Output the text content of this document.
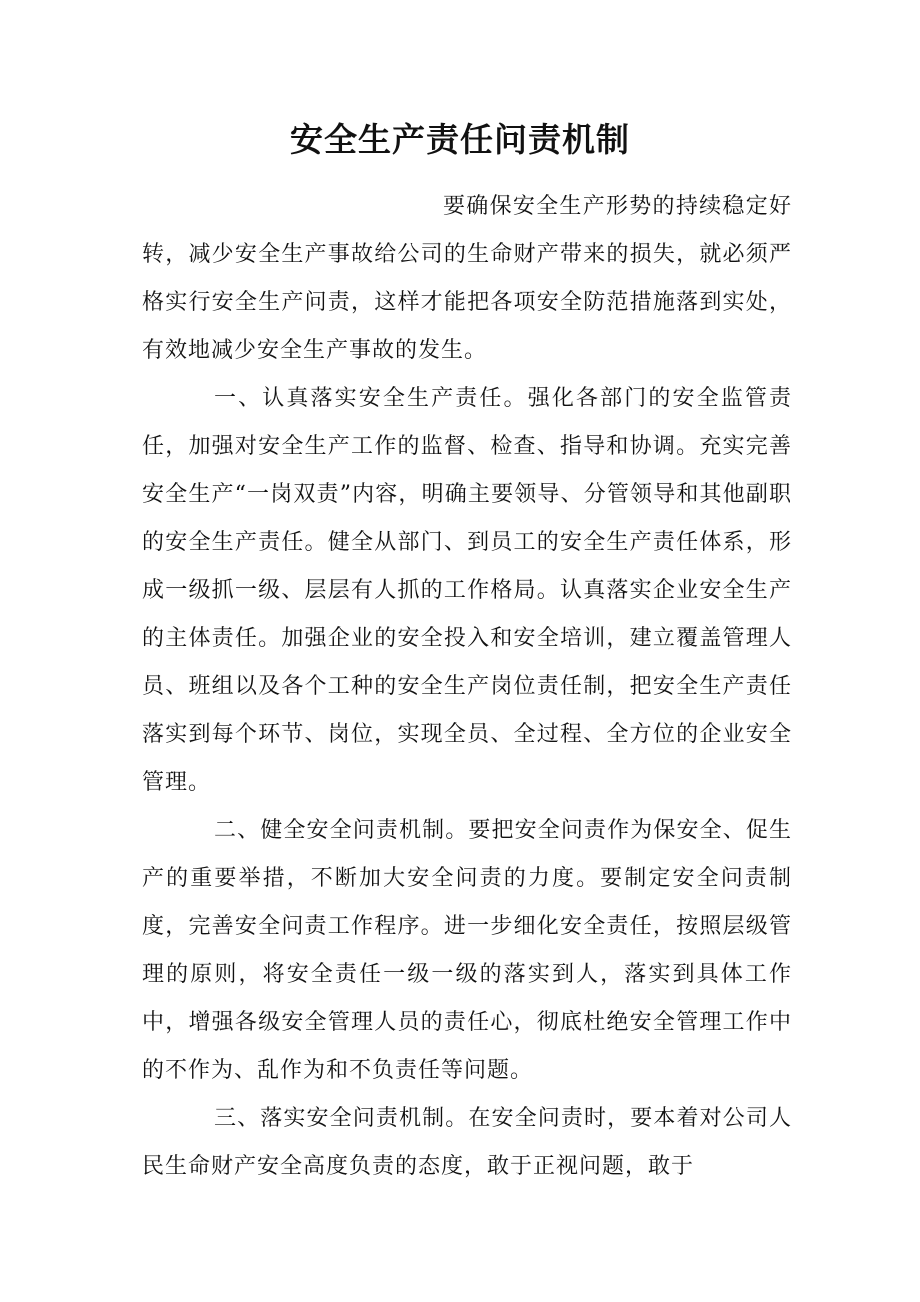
安全生产责任问责机制

要确保安全生产形势的持续稳定好转，减少安全生产事故给公司的生命财产带来的损失，就必须严格实行安全生产问责，这样才能把各项安全防范措施落到实处，有效地减少安全生产事故的发生。

一、认真落实安全生产责任。强化各部门的安全监管责任，加强对安全生产工作的监督、检查、指导和协调。充实完善安全生产“一岗双责”内容，明确主要领导、分管领导和其他副职的安全生产责任。健全从部门、到员工的安全生产责任体系，形成一级抓一级、层层有人抓的工作格局。认真落实企业安全生产的主体责任。加强企业的安全投入和安全培训，建立覆盖管理人员、班组以及各个工种的安全生产岗位责任制，把安全生产责任落实到每个环节、岗位，实现全员、全过程、全方位的企业安全管理。

二、健全安全问责机制。要把安全问责作为保安全、促生产的重要举措，不断加大安全问责的力度。要制定安全问责制度，完善安全问责工作程序。进一步细化安全责任，按照层级管理的原则，将安全责任一级一级的落实到人，落实到具体工作中，增强各级安全管理人员的责任心，彻底杜绝安全管理工作中的不作为、乱作为和不负责任等问题。

三、落实安全问责机制。在安全问责时，要本着对公司人民生命财产安全高度负责的态度，敢于正视问题，敢于
